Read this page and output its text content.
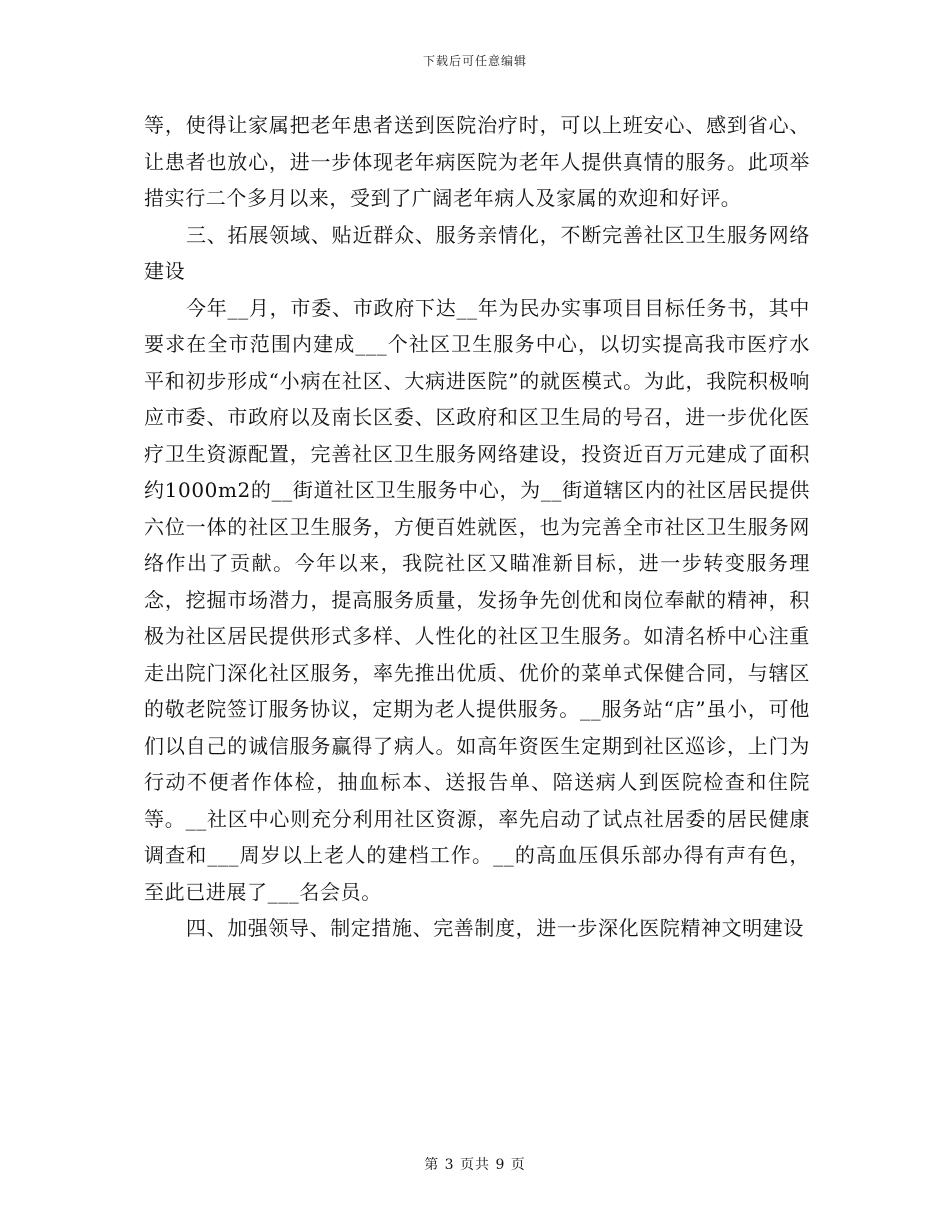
下载后可任意编辑

等，使得让家属把老年患者送到医院治疗时，可以上班安心、感到省心、让患者也放心，进一步体现老年病医院为老年人提供真情的服务。此项举措实行二个多月以来，受到了广阔老年病人及家属的欢迎和好评。

三、拓展领域、贴近群众、服务亲情化，不断完善社区卫生服务网络建设

今年__月，市委、市政府下达__年为民办实事项目目标任务书，其中要求在全市范围内建成___个社区卫生服务中心，以切实提高我市医疗水平和初步形成“小病在社区、大病进医院”的就医模式。为此，我院积极响应市委、市政府以及南长区委、区政府和区卫生局的号召，进一步优化医疗卫生资源配置，完善社区卫生服务网络建设，投资近百万元建成了面积约1000m2的__街道社区卫生服务中心，为__街道辖区内的社区居民提供六位一体的社区卫生服务，方便百姓就医，也为完善全市社区卫生服务网络作出了贡献。今年以来，我院社区又瞄准新目标，进一步转变服务理念，挖掘市场潜力，提高服务质量，发扬争先创优和岗位奉献的精神，积极为社区居民提供形式多样、人性化的社区卫生服务。如清名桥中心注重走出院门深化社区服务，率先推出优质、优价的菜单式保健合同，与辖区的敬老院签订服务协议，定期为老人提供服务。__服务站“店”虽小，可他们以自己的诚信服务赢得了病人。如高年资医生定期到社区巡诊，上门为行动不便者作体检，抽血标本、送报告单、陪送病人到医院检查和住院等。__社区中心则充分利用社区资源，率先启动了试点社居委的居民健康调查和___周岁以上老人的建档工作。__的高血压俱乐部办得有声有色，至此已进展了___名会员。

四、加强领导、制定措施、完善制度，进一步深化医院精神文明建设

第 3 页共 9 页
